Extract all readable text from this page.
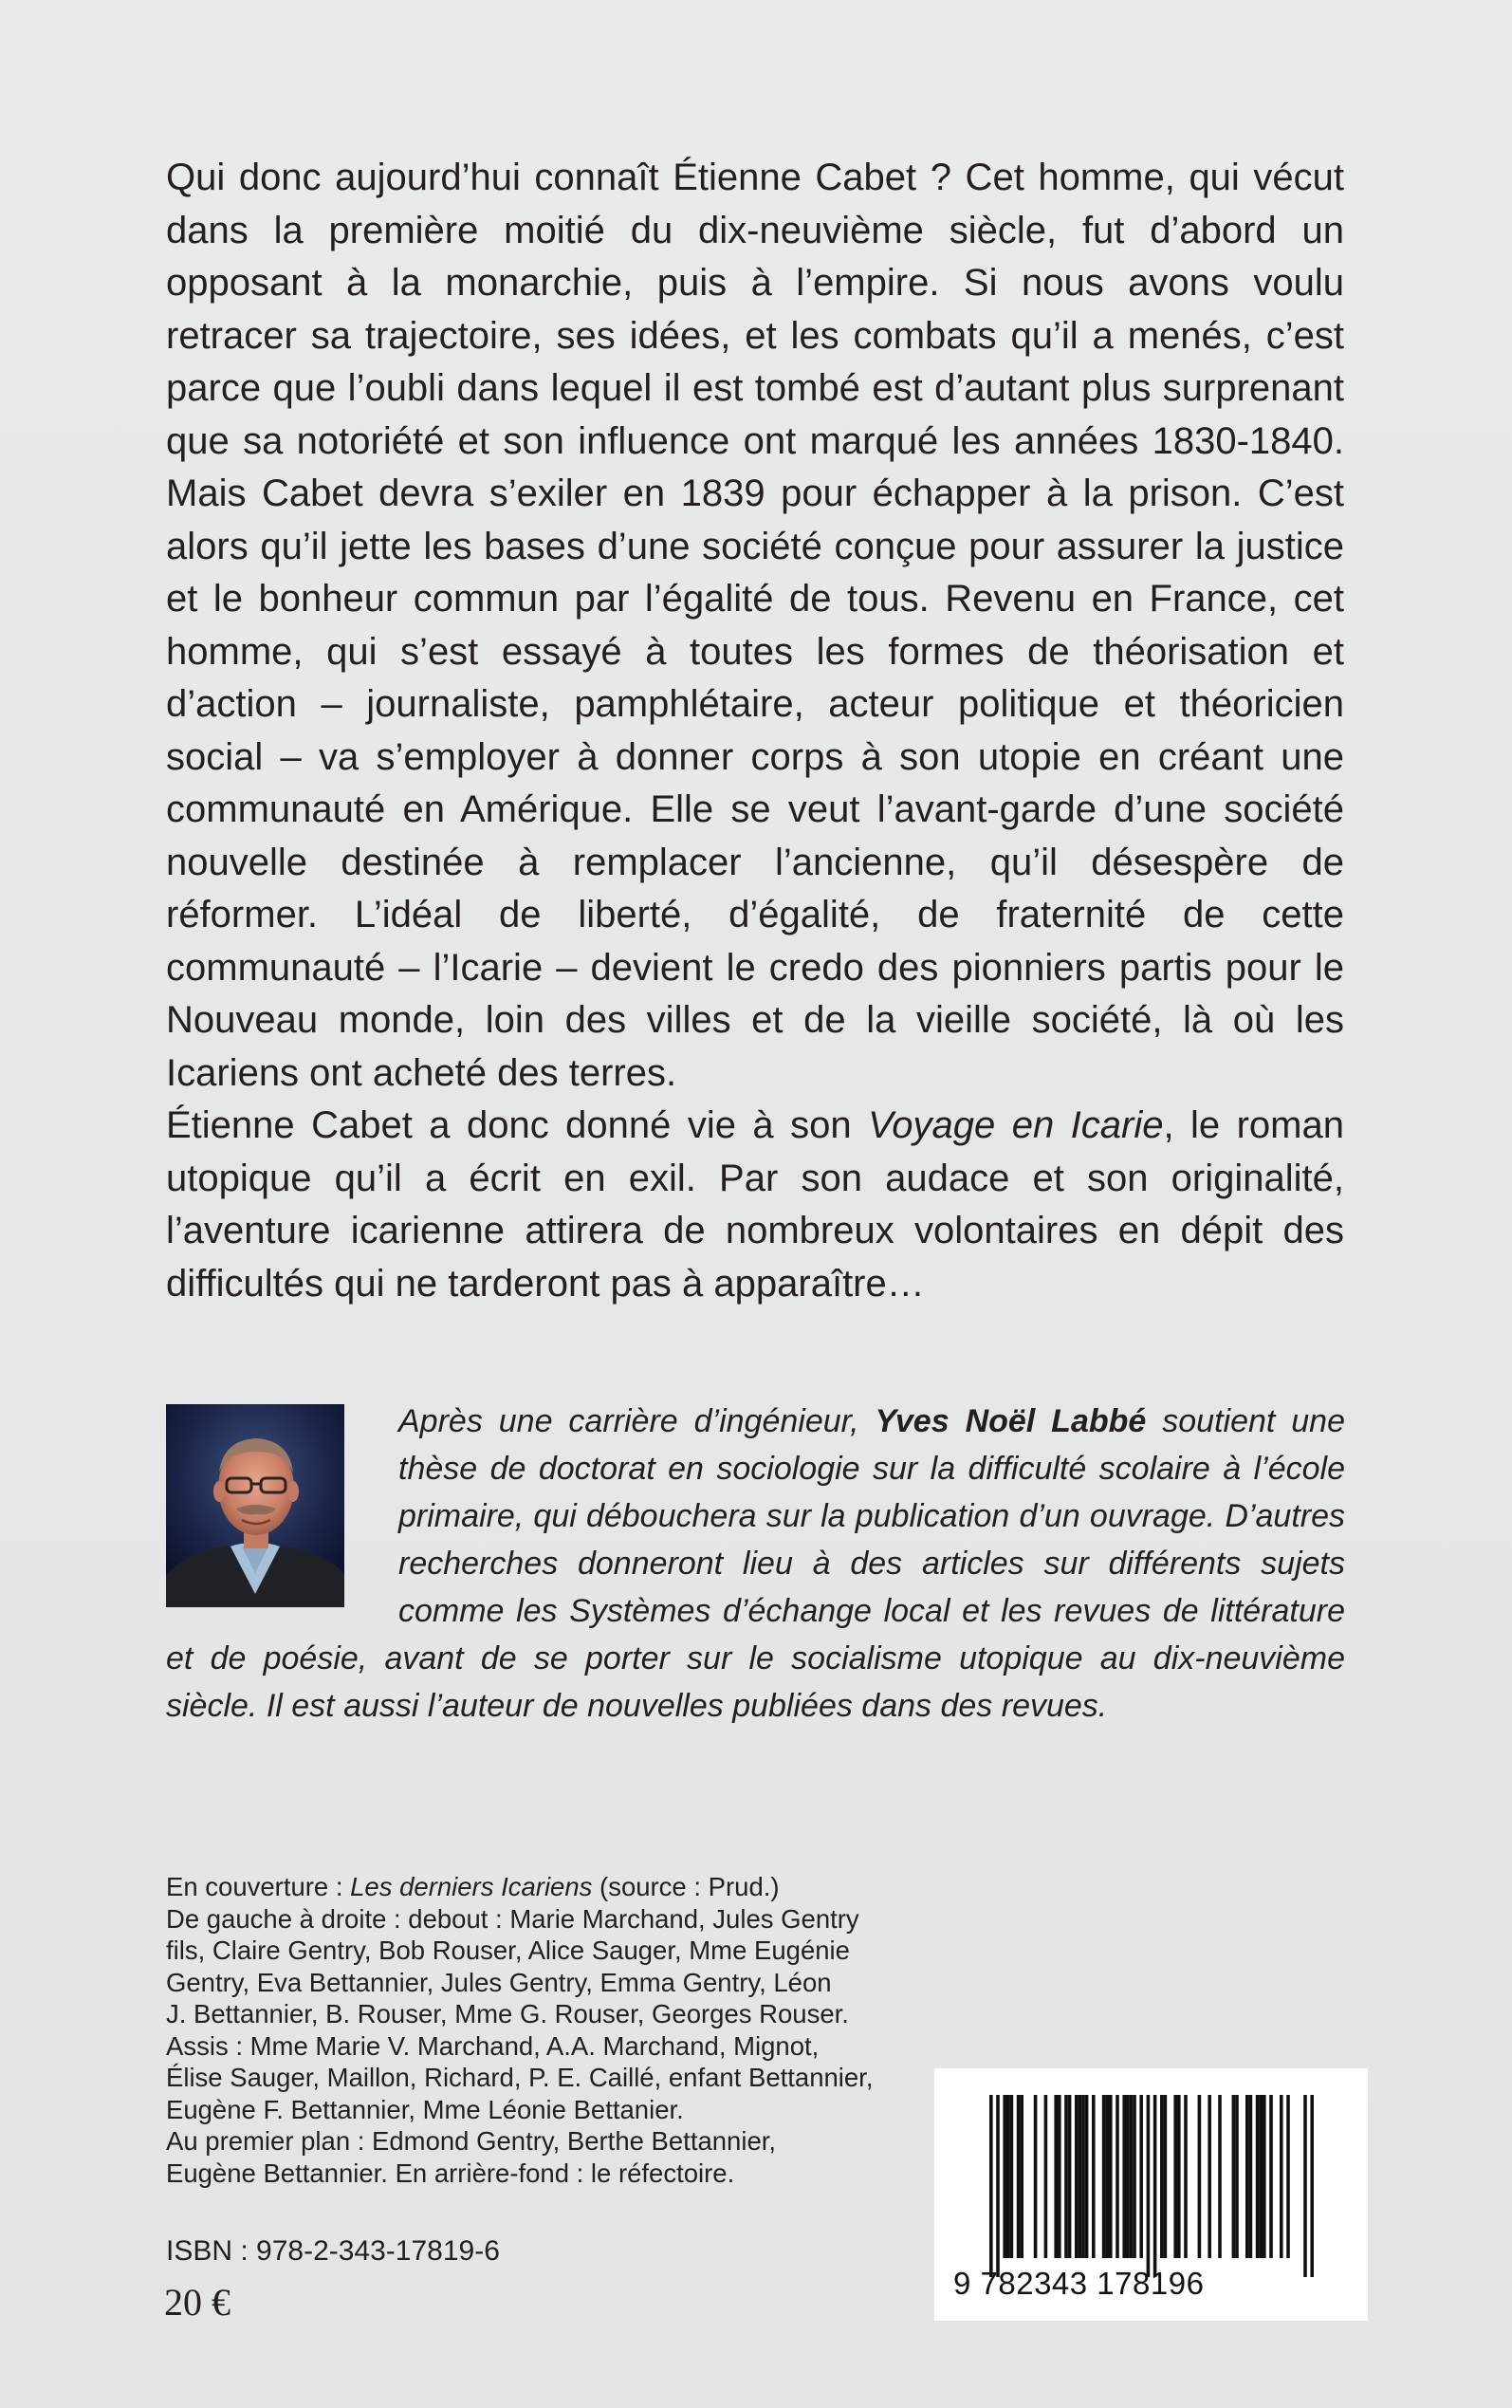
Qui donc aujourd’hui connaît Étienne Cabet ? Cet homme, qui vécut dans la première moitié du dix-neuvième siècle, fut d’abord un opposant à la monarchie, puis à l’empire. Si nous avons voulu retracer sa trajectoire, ses idées, et les combats qu’il a menés, c’est parce que l’oubli dans lequel il est tombé est d’autant plus surprenant que sa notoriété et son influence ont marqué les années 1830-1840. Mais Cabet devra s’exiler en 1839 pour échapper à la prison. C’est alors qu’il jette les bases d’une société conçue pour assurer la justice et le bonheur commun par l’égalité de tous. Revenu en France, cet homme, qui s’est essayé à toutes les formes de théorisation et d’action – journaliste, pamphlétaire, acteur politique et théoricien social – va s’employer à donner corps à son utopie en créant une communauté en Amérique. Elle se veut l’avant-garde d’une société nouvelle destinée à remplacer l’ancienne, qu’il désespère de réformer. L’idéal de liberté, d’égalité, de fraternité de cette communauté – l’Icarie – devient le credo des pionniers partis pour le Nouveau monde, loin des villes et de la vieille société, là où les Icariens ont acheté des terres.

Étienne Cabet a donc donné vie à son Voyage en Icarie, le roman utopique qu’il a écrit en exil. Par son audace et son originalité, l’aventure icarienne attirera de nombreux volontaires en dépit des difficultés qui ne tarderont pas à apparaître…

Après une carrière d’ingénieur, Yves Noël Labbé soutient une thèse de doctorat en sociologie sur la difficulté scolaire à l’école primaire, qui débouchera sur la publication d’un ouvrage. D’autres recherches donneront lieu à des articles sur différents sujets comme les Systèmes d’échange local et les revues de littérature et de poésie, avant de se porter sur le socialisme utopique au dix-neuvième siècle. Il est aussi l’auteur de nouvelles publiées dans des revues.
En couverture : Les derniers Icariens (source : Prud.)
De gauche à droite : debout : Marie Marchand, Jules Gentry
fils, Claire Gentry, Bob Rouser, Alice Sauger, Mme Eugénie
Gentry, Eva Bettannier, Jules Gentry, Emma Gentry, Léon
J. Bettannier, B. Rouser, Mme G. Rouser, Georges Rouser.
Assis : Mme Marie V. Marchand, A.A. Marchand, Mignot,
Élise Sauger, Maillon, Richard, P. E. Caillé, enfant Bettannier,
Eugène F. Bettannier, Mme Léonie Bettanier.
Au premier plan : Edmond Gentry, Berthe Bettannier,
Eugène Bettannier. En arrière-fond : le réfectoire.
ISBN : 978-2-343-17819-6
20 €	9 782343 178196
